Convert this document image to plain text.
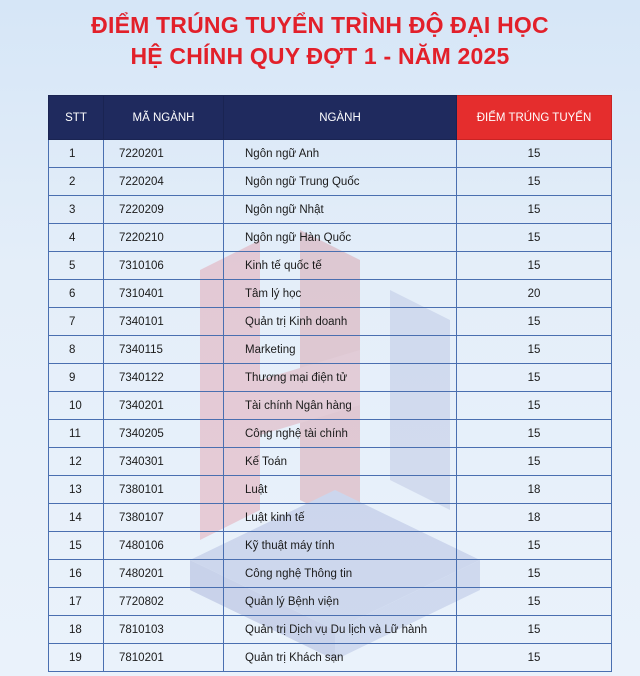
ĐIỂM TRÚNG TUYỂN TRÌNH ĐỘ ĐẠI HỌC
HỆ CHÍNH QUY ĐỢT 1 - NĂM 2025
STT	MÃ NGÀNH	NGÀNH	ĐIỂM TRÚNG TUYỂN
1	7220201	Ngôn ngữ Anh	15
2	7220204	Ngôn ngữ Trung Quốc	15
3	7220209	Ngôn ngữ Nhật	15
4	7220210	Ngôn ngữ Hàn Quốc	15
5	7310106	Kinh tế quốc tế	15
6	7310401	Tâm lý học	20
7	7340101	Quản trị Kinh doanh	15
8	7340115	Marketing	15
9	7340122	Thương mại điện tử	15
10	7340201	Tài chính Ngân hàng	15
11	7340205	Công nghệ tài chính	15
12	7340301	Kế Toán	15
13	7380101	Luật	18
14	7380107	Luật kinh tế	18
15	7480106	Kỹ thuật máy tính	15
16	7480201	Công nghệ Thông tin	15
17	7720802	Quản lý Bệnh viện	15
18	7810103	Quản trị Dịch vụ Du lịch và Lữ hành	15
19	7810201	Quản trị Khách sạn	15
